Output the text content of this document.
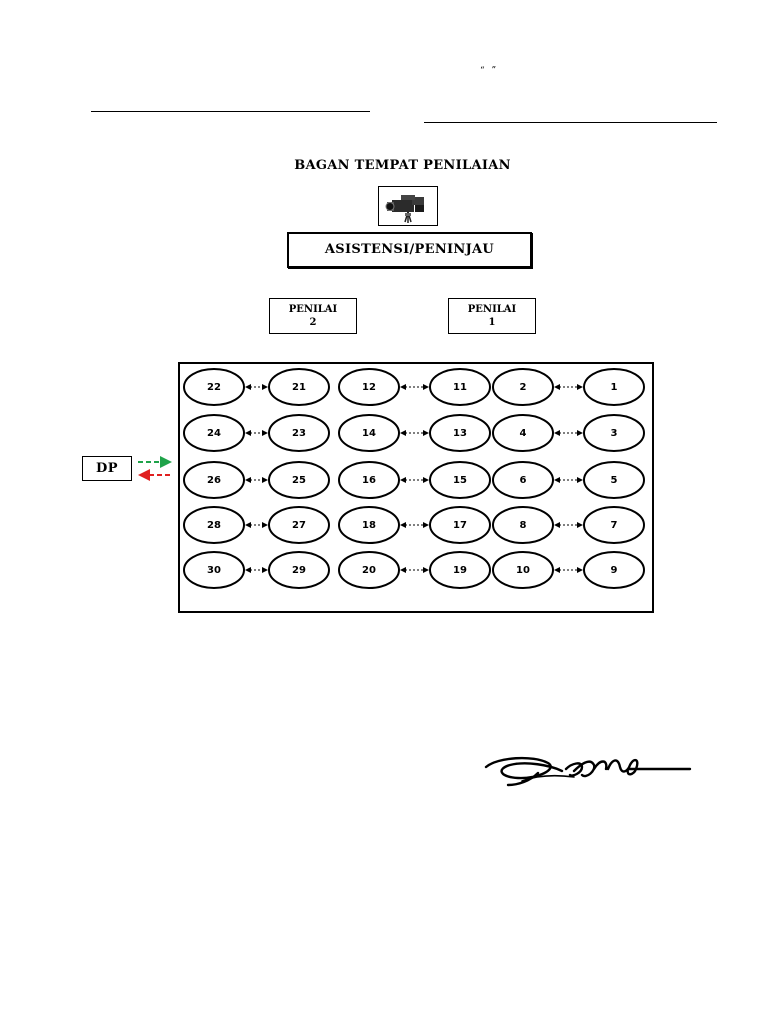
“ ”
BAGAN TEMPAT PENILAIAN
ASISTENSI/PENINJAU
PENILAI
2
PENILAI
1
DP
22	21	12	11	2	1
24	23	14	13	4	3
26	25	16	15	6	5
28	27	18	17	8	7
30	29	20	19	10	9
